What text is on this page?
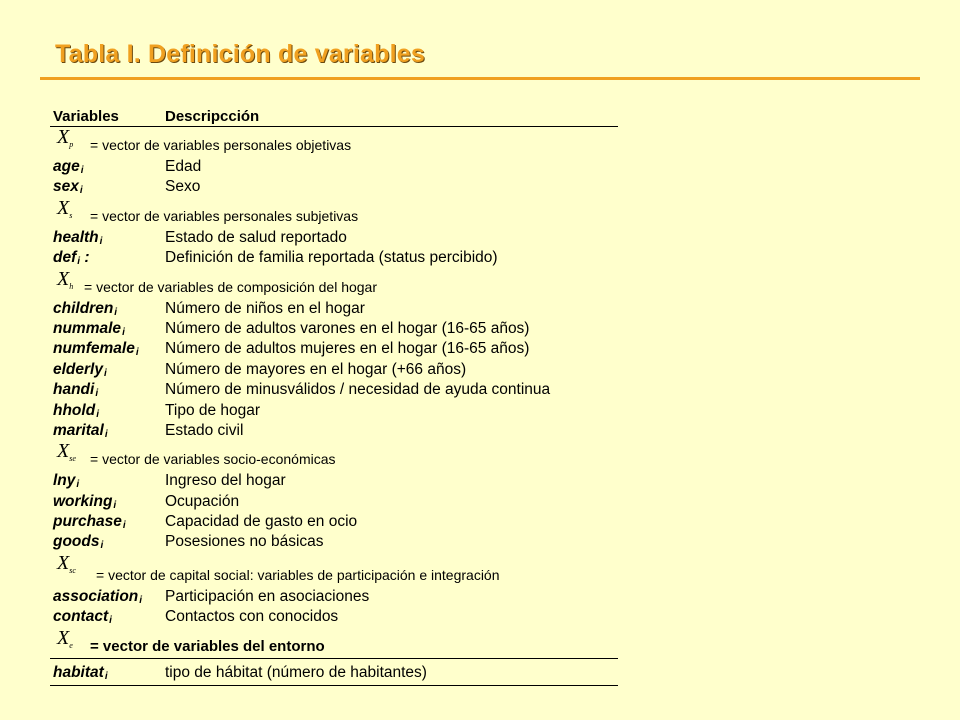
Tabla I. Definición de variables
Variables	Descripcción
$X_p$ = vector de variables personales objetivas
age$_i$	Edad
sex$_i$	Sexo
$X_s$ = vector de variables personales subjetivas
health$_i$	Estado de salud reportado
def$_i$ :	Definición de familia reportada (status percibido)
$X_h$ = vector de variables de composición del hogar
children$_i$	Número de niños en el hogar
nummale$_i$	Número de adultos varones en el hogar (16-65 años)
numfemale$_i$ Número de adultos mujeres en el hogar (16-65 años)
elderly$_i$	Número de mayores en el hogar (+66 años)
handi$_i$	Número de minusválidos / necesidad de ayuda continua
hhold$_i$	Tipo de hogar
marital$_i$	Estado civil
$X_{se}$ = vector de variables socio-económicas
lny$_i$	Ingreso del hogar
working$_i$	Ocupación
purchase$_i$	Capacidad de gasto en ocio
goods$_i$	Posesiones no básicas
$X_{sc}$ = vector de capital social: variables de participación e integración
association$_i$ Participación en asociaciones
contact$_i$	Contactos con conocidos
$X_e$ = vector de variables del entorno
habitat$_i$	tipo de hábitat (número de habitantes)
